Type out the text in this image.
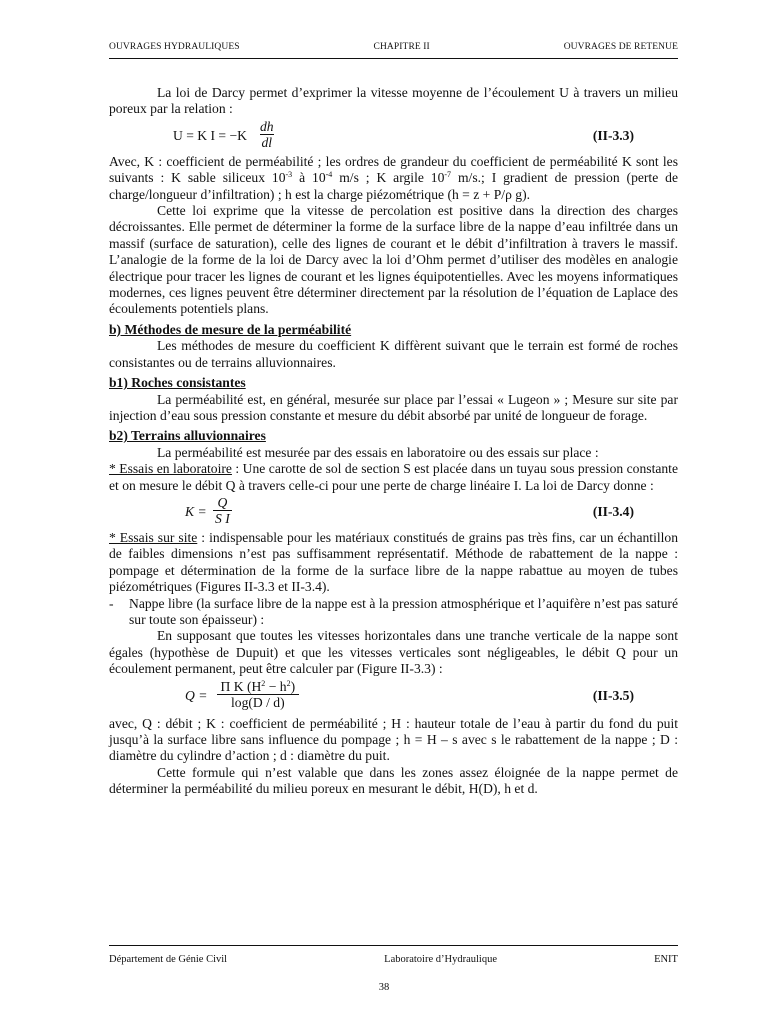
OUVRAGES HYDRAULIQUES	CHAPITRE II	OUVRAGES DE RETENUE

La loi de Darcy permet d’exprimer la vitesse moyenne de l’écoulement U à travers un milieu poreux par la relation :

U = K $I = -K \frac{dh}{dl}$	(II-3.3)

Avec, K : coefficient de perméabilité ; les ordres de grandeur du coefficient de perméabilité K sont les suivants : K sable siliceux $10^{-3}$ à $10^{-4}$ m/s ; K argile $10^{-7}$ m/s.; I gradient de pression (perte de charge/longueur d’infiltration) ; h est la charge piézométrique (h = z + P/ρ g).

Cette loi exprime que la vitesse de percolation est positive dans la direction des charges décroissantes. Elle permet de déterminer la forme de la surface libre de la nappe d’eau infiltrée dans un massif (surface de saturation), celle des lignes de courant et le débit d’infiltration à travers le massif. L’analogie de la forme de la loi de Darcy avec la loi d’Ohm permet d’utiliser des modèles en analogie électrique pour tracer les lignes de courant et les lignes équipotentielles. Avec les moyens informatiques modernes, ces lignes peuvent être déterminer directement par la résolution de l’équation de Laplace des écoulements potentiels plans.

b) Méthodes de mesure de la perméabilité

Les méthodes de mesure du coefficient K diffèrent suivant que le terrain est formé de roches consistantes ou de terrains alluvionnaires.

b1) Roches consistantes

La perméabilité est, en général, mesurée sur place par l’essai « Lugeon » ; Mesure sur site par injection d’eau sous pression constante et mesure du débit absorbé par unité de longueur de forage.

b2) Terrains alluvionnaires

La perméabilité est mesurée par des essais en laboratoire ou des essais sur place :

* Essais en laboratoire : Une carotte de sol de section S est placée dans un tuyau sous pression constante et on mesure le débit Q à travers celle-ci pour une perte de charge linéaire I. La loi de Darcy donne :

$K = \frac{Q}{\text{S I}}$	(II-3.4)

* Essais sur site : indispensable pour les matériaux constitués de grains pas très fins, car un échantillon de faibles dimensions n’est pas suffisamment représentatif. Méthode de rabattement de la nappe : pompage et détermination de la forme de la surface libre de la nappe rabattue au moyen de tubes piézométriques (Figures II-3.3 et II-3.4).

-	Nappe libre (la surface libre de la nappe est à la pression atmosphérique et l’aquifère n’est pas saturé sur toute son épaisseur) :

En supposant que toutes les vitesses horizontales dans une tranche verticale de la nappe sont égales (hypothèse de Dupuit) et que les vitesses verticales sont négligeables, le débit Q pour un écoulement permanent, peut être calculer par (Figure II-3.3) :

$Q = \frac{\Pi K (H^2 - h^2)}{\log(D / d)}$	(II-3.5)

avec, Q : débit ; K : coefficient de perméabilité ; H : hauteur totale de l’eau à partir du fond du puit jusqu’à la surface libre sans influence du pompage ; h = H – s avec s le rabattement de la nappe ; D : diamètre du cylindre d’action ; d : diamètre du puit.

Cette formule qui n’est valable que dans les zones assez éloignée de la nappe permet de déterminer la perméabilité du milieu poreux en mesurant le débit, H(D), h et d.

Département de Génie Civil	Laboratoire d’Hydraulique	ENIT
38
